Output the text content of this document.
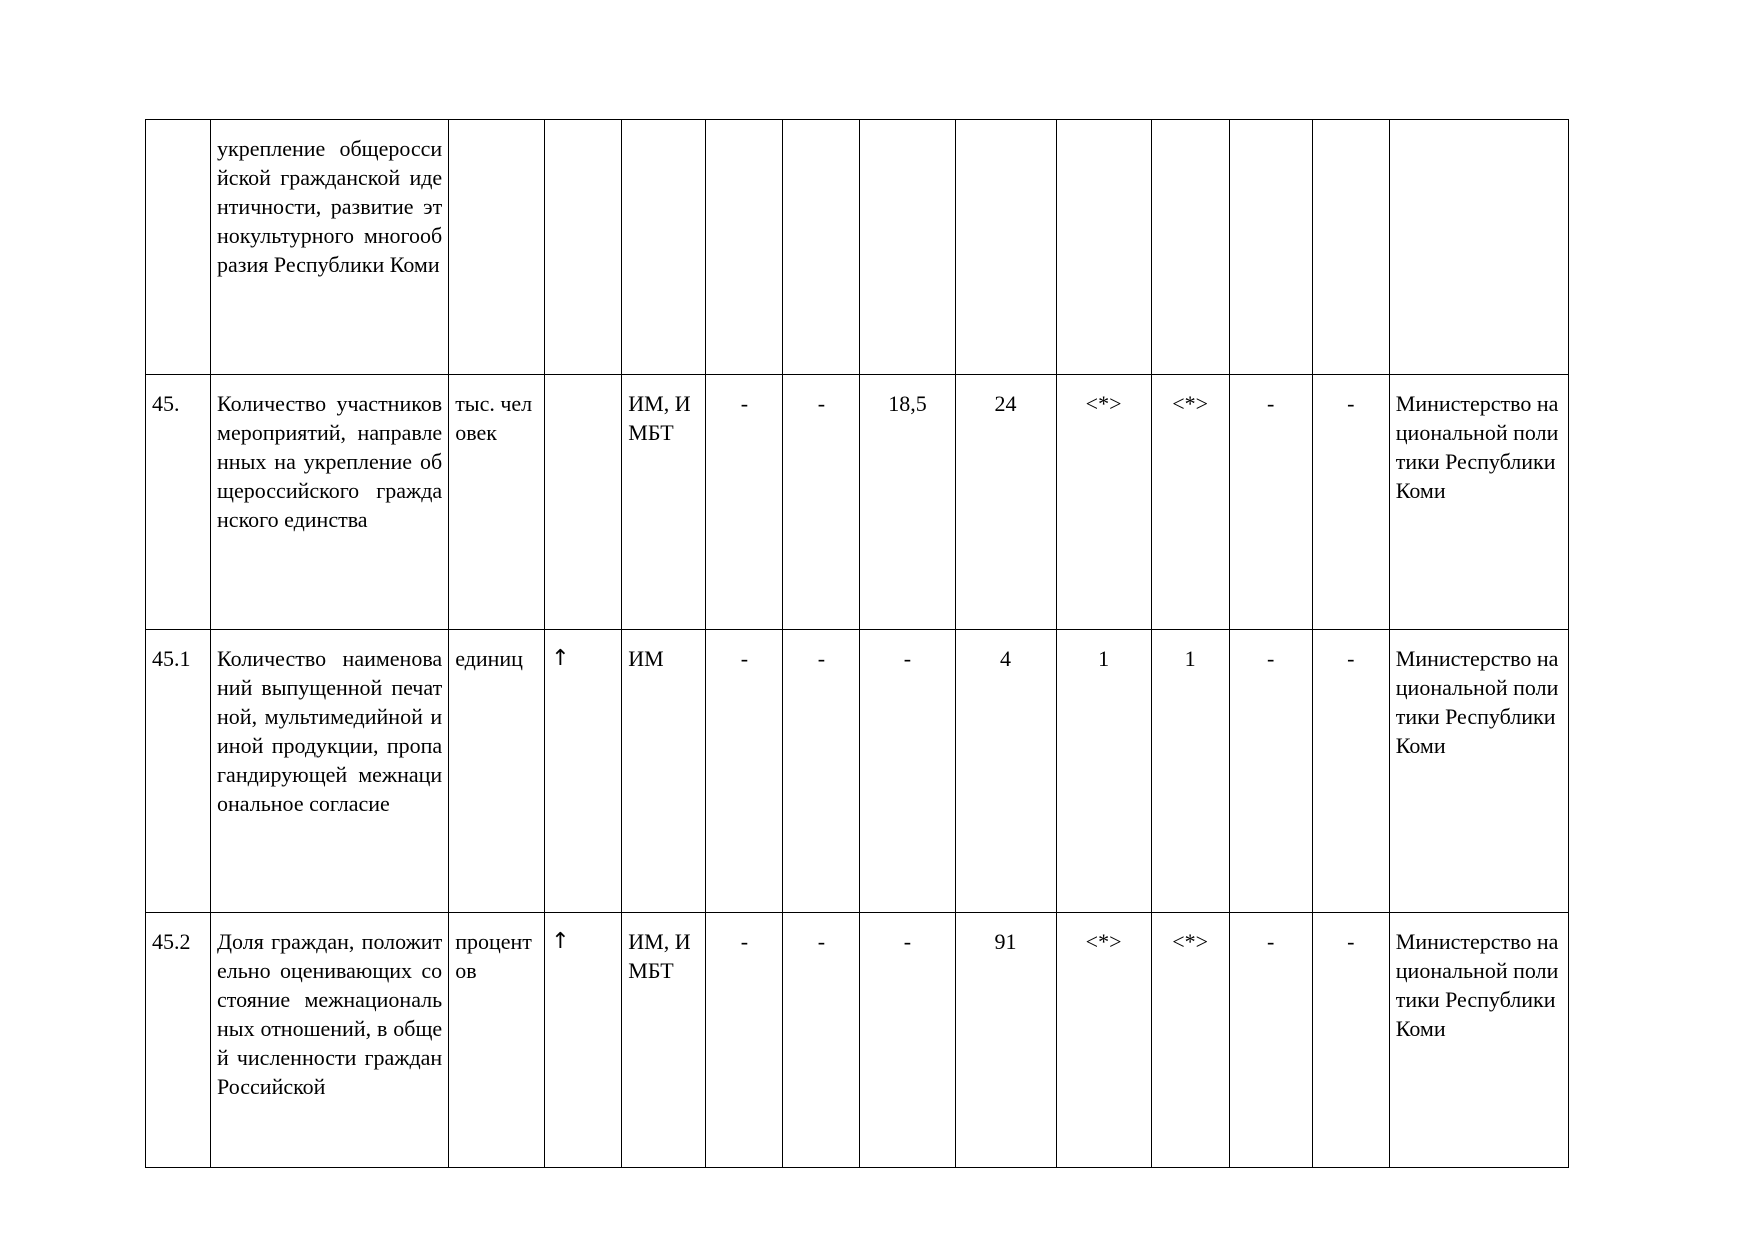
	укрепление общероссийской гражданской идентичности, развитие этнокультурного многообразия Республики Коми												
45.	Количество участников мероприятий, направленных на укрепление общероссийского гражданского единства	тыс. человек		ИМ, ИМБТ	-	-	18,5	24	<*>	<*>	-	-	Министерство национальной политики Республики Коми
45.1	Количество наименований выпущенной печатной, мультимедийной и иной продукции, пропагандирующей межнациональное согласие	единиц	↑	ИМ	-	-	-	4	1	1	-	-	Министерство национальной политики Республики Коми
45.2	Доля граждан, положительно оценивающих состояние межнациональных отношений, в общей численности граждан Российской	процентов	↑	ИМ, ИМБТ	-	-	-	91	<*>	<*>	-	-	Министерство национальной политики Республики Коми
